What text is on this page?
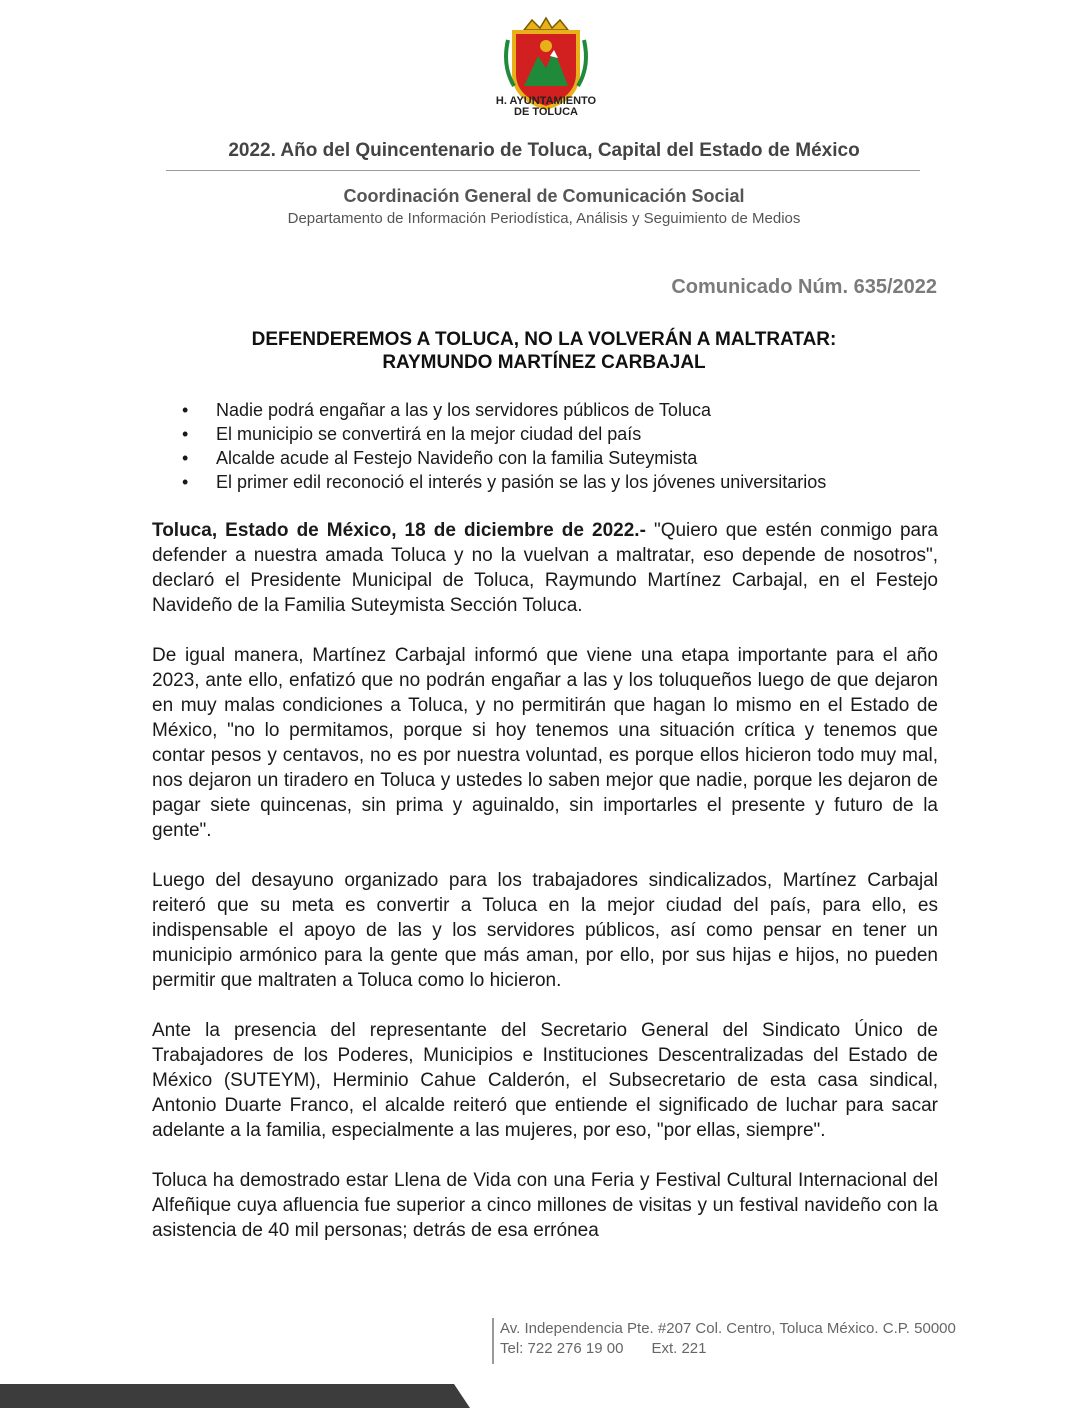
H. AYUNTAMIENTO
DE TOLUCA
2022. Año del Quincentenario de Toluca, Capital del Estado de México
Coordinación General de Comunicación Social
Departamento de Información Periodística, Análisis y Seguimiento de Medios
Comunicado Núm. 635/2022
DEFENDEREMOS A TOLUCA, NO LA VOLVERÁN A MALTRATAR:
RAYMUNDO MARTÍNEZ CARBAJAL
• Nadie podrá engañar a las y los servidores públicos de Toluca
• El municipio se convertirá en la mejor ciudad del país
• Alcalde acude al Festejo Navideño con la familia Suteymista
• El primer edil reconoció el interés y pasión se las y los jóvenes universitarios

Toluca, Estado de México, 18 de diciembre de 2022.- "Quiero que estén conmigo para defender a nuestra amada Toluca y no la vuelvan a maltratar, eso depende de nosotros", declaró el Presidente Municipal de Toluca, Raymundo Martínez Carbajal, en el Festejo Navideño de la Familia Suteymista Sección Toluca.

De igual manera, Martínez Carbajal informó que viene una etapa importante para el año 2023, ante ello, enfatizó que no podrán engañar a las y los toluqueños luego de que dejaron en muy malas condiciones a Toluca, y no permitirán que hagan lo mismo en el Estado de México, "no lo permitamos, porque si hoy tenemos una situación crítica y tenemos que contar pesos y centavos, no es por nuestra voluntad, es porque ellos hicieron todo muy mal, nos dejaron un tiradero en Toluca y ustedes lo saben mejor que nadie, porque les dejaron de pagar siete quincenas, sin prima y aguinaldo, sin importarles el presente y futuro de la gente".

Luego del desayuno organizado para los trabajadores sindicalizados, Martínez Carbajal reiteró que su meta es convertir a Toluca en la mejor ciudad del país, para ello, es indispensable el apoyo de las y los servidores públicos, así como pensar en tener un municipio armónico para la gente que más aman, por ello, por sus hijas e hijos, no pueden permitir que maltraten a Toluca como lo hicieron.

Ante la presencia del representante del Secretario General del Sindicato Único de Trabajadores de los Poderes, Municipios e Instituciones Descentralizadas del Estado de México (SUTEYM), Herminio Cahue Calderón, el Subsecretario de esta casa sindical, Antonio Duarte Franco, el alcalde reiteró que entiende el significado de luchar para sacar adelante a la familia, especialmente a las mujeres, por eso, "por ellas, siempre".

Toluca ha demostrado estar Llena de Vida con una Feria y Festival Cultural Internacional del Alfeñique cuya afluencia fue superior a cinco millones de visitas y un festival navideño con la asistencia de 40 mil personas; detrás de esa errónea

Av. Independencia Pte. #207 Col. Centro, Toluca México. C.P. 50000
Tel: 722 276 19 00 Ext. 221
